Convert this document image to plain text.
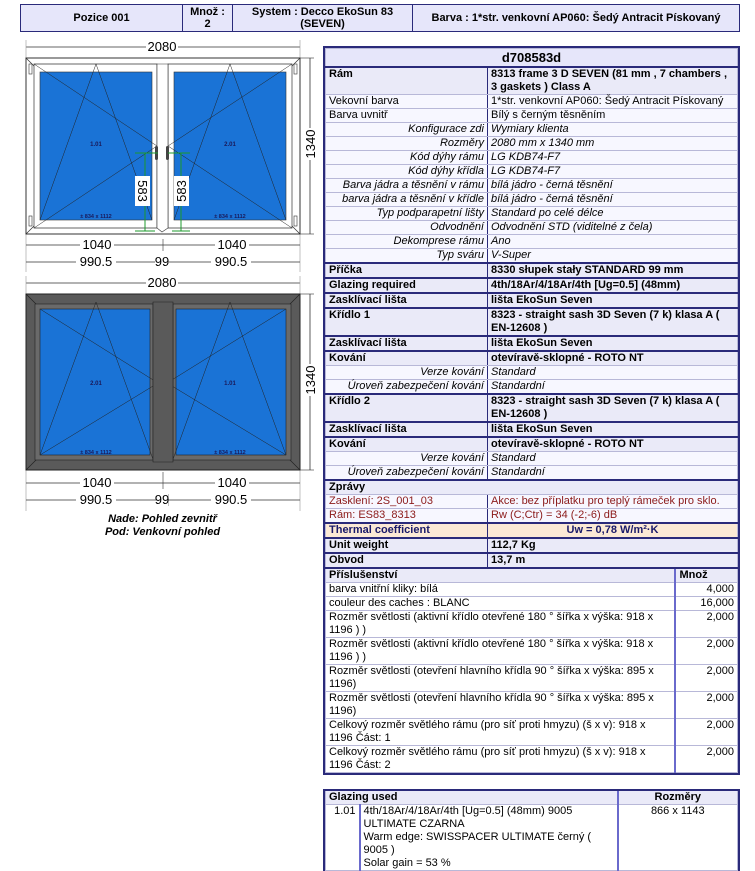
Pozice 001	Množ : 2
System : Decco EkoSun 83 (SEVEN)	Barva : 1*str. venkovní AP060: Šedý Antracit Pískovaný
2080
1.01
± 834 x 1112
2.01
± 834 x 1112
583 583
1340
1040	1040
990.5	99	990.5
2080
2.01
± 834 x 1112
1.01
± 834 x 1112
1340
1040	1040
990.5	99	990.5
Nade: Pohled zevnitř
Pod: Venkovní pohled
d708583d		
Rám	8313 frame 3 D SEVEN (81 mm , 7 chambers , 3 gaskets ) Class A	
Vekovní barva	1*str. venkovní AP060: Šedý Antracit Pískovaný	
Barva uvnitř	Bílý s černým těsněním	
Konfigurace zdi	Wymiary klienta	
Rozměry	2080 mm x 1340 mm	
Kód dýhy rámu	LG KDB74-F7	
Kód dýhy křídla	LG KDB74-F7	
Barva jádra a těsnění v rámu	bílá jádro - černá těsnění	
barva jádra a těsnění v křídle	bílá jádro - černá těsnění	
Typ podparapetní lišty	Standard po celé délce	
Odvodnění	Odvodnění STD (viditelné z čela)	
Dekomprese rámu	Ano	
Typ sváru	V-Super	
Příčka	8330 słupek stały STANDARD 99 mm	
Glazing required	4th/18Ar/4/18Ar/4th [Ug=0.5] (48mm)	
Zasklívací lišta	lišta EkoSun Seven	
Křídlo 1	8323 - straight sash 3D Seven (7 k) klasa A ( EN-12608 )	
Zasklívací lišta	lišta EkoSun Seven	
Kování	otevíravě-sklopné - ROTO NT	
Verze kování	Standard	
Úroveň zabezpečení kování	Standardní	
Křídlo 2	8323 - straight sash 3D Seven (7 k) klasa A ( EN-12608 )	
Zasklívací lišta	lišta EkoSun Seven	
Kování	otevíravě-sklopné - ROTO NT	
Verze kování	Standard	
Úroveň zabezpečení kování	Standardní	
Zprávy		
Zasklení: 2S_001_03	Akce: bez příplatku pro teplý rámeček pro sklo.	
Rám: ES83_8313	Rw (C;Ctr) = 34 (-2;-6) dB	
Thermal coefficient	Uw = 0,78 W/m²·K	
Unit weight	112,7 Kg	
Obvod	13,7 m	
Příslušenství		Množ
barva vnitřní kliky: bílá		4,000
couleur des caches : BLANC		16,000
Rozměr světlosti (aktivní křídlo otevřené 180 ° šířka x výška: 918 x 1196 ) )		2,000
Rozměr světlosti (aktivní křídlo otevřené 180 ° šířka x výška: 918 x 1196 ) )		2,000
Rozměr světlosti (otevření hlavního křídla 90 ° šířka x výška: 895 x 1196)		2,000
Rozměr světlosti (otevření hlavního křídla 90 ° šířka x výška: 895 x 1196)		2,000
Celkový rozměr světlého rámu (pro síť proti hmyzu) (š x v): 918 x 1196 Část: 1		2,000
Celkový rozměr světlého rámu (pro síť proti hmyzu) (š x v): 918 x 1196 Část: 2		2,000
Glazing used		Rozměry
1.01	4th/18Ar/4/18Ar/4th [Ug=0.5] (48mm) 9005 ULTIMATE CZARNA
Warm edge: SWISSPACER ULTIMATE černý ( 9005 )
Solar gain = 53 %	866 x 1143
